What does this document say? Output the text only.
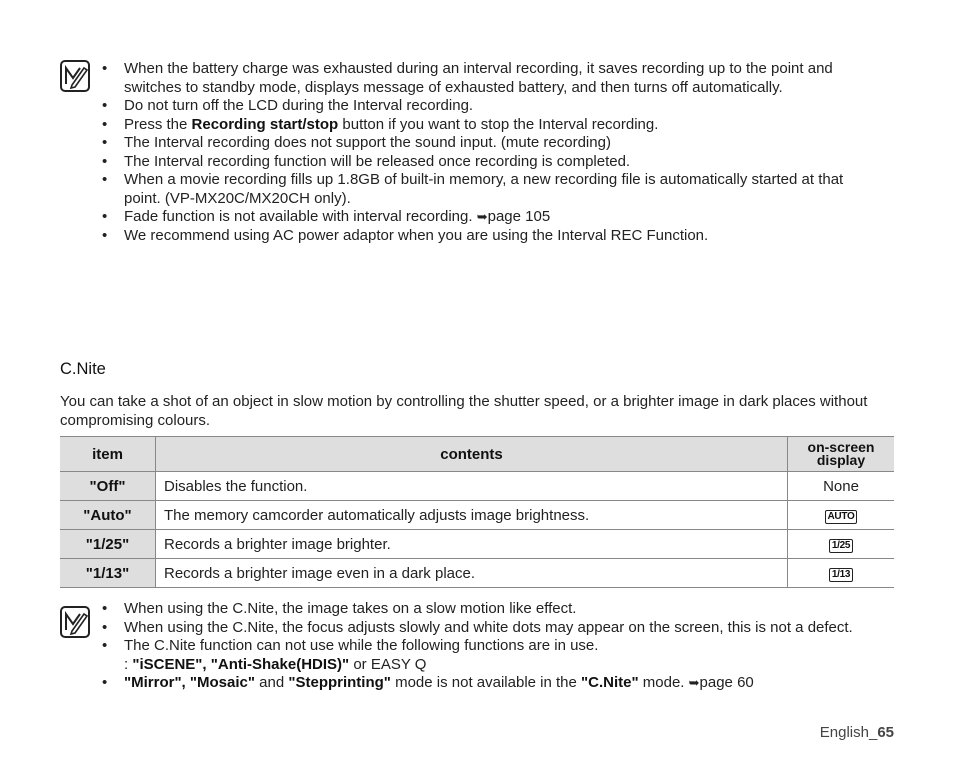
• When the battery charge was exhausted during an interval recording, it saves recording up to the point and switches to standby mode, displays message of exhausted battery, and then turns off automatically.
• Do not turn off the LCD during the Interval recording.
• Press the Recording start/stop button if you want to stop the Interval recording.
• The Interval recording does not support the sound input. (mute recording)
• The Interval recording function will be released once recording is completed.
• When a movie recording fills up 1.8GB of built-in memory, a new recording file is automatically started at that point. (VP-MX20C/MX20CH only).
• Fade function is not available with interval recording. ➥page 105
• We recommend using AC power adaptor when you are using the Interval REC Function.
C.Nite
You can take a shot of an object in slow motion by controlling the shutter speed, or a brighter image in dark places without compromising colours.
item	contents	on-screen
display
"Off"	Disables the function.	None
"Auto"	The memory camcorder automatically adjusts image brightness.	AUTO
"1/25"	Records a brighter image brighter.	1/25
"1/13"	Records a brighter image even in a dark place.	1/13
• When using the C.Nite, the image takes on a slow motion like effect.
• When using the C.Nite, the focus adjusts slowly and white dots may appear on the screen, this is not a defect.
• The C.Nite function can not use while the following functions are in use.
: "iSCENE", "Anti-Shake(HDIS)" or EASY Q
• "Mirror", "Mosaic" and "Stepprinting" mode is not available in the "C.Nite" mode. ➥page 60
English_65
